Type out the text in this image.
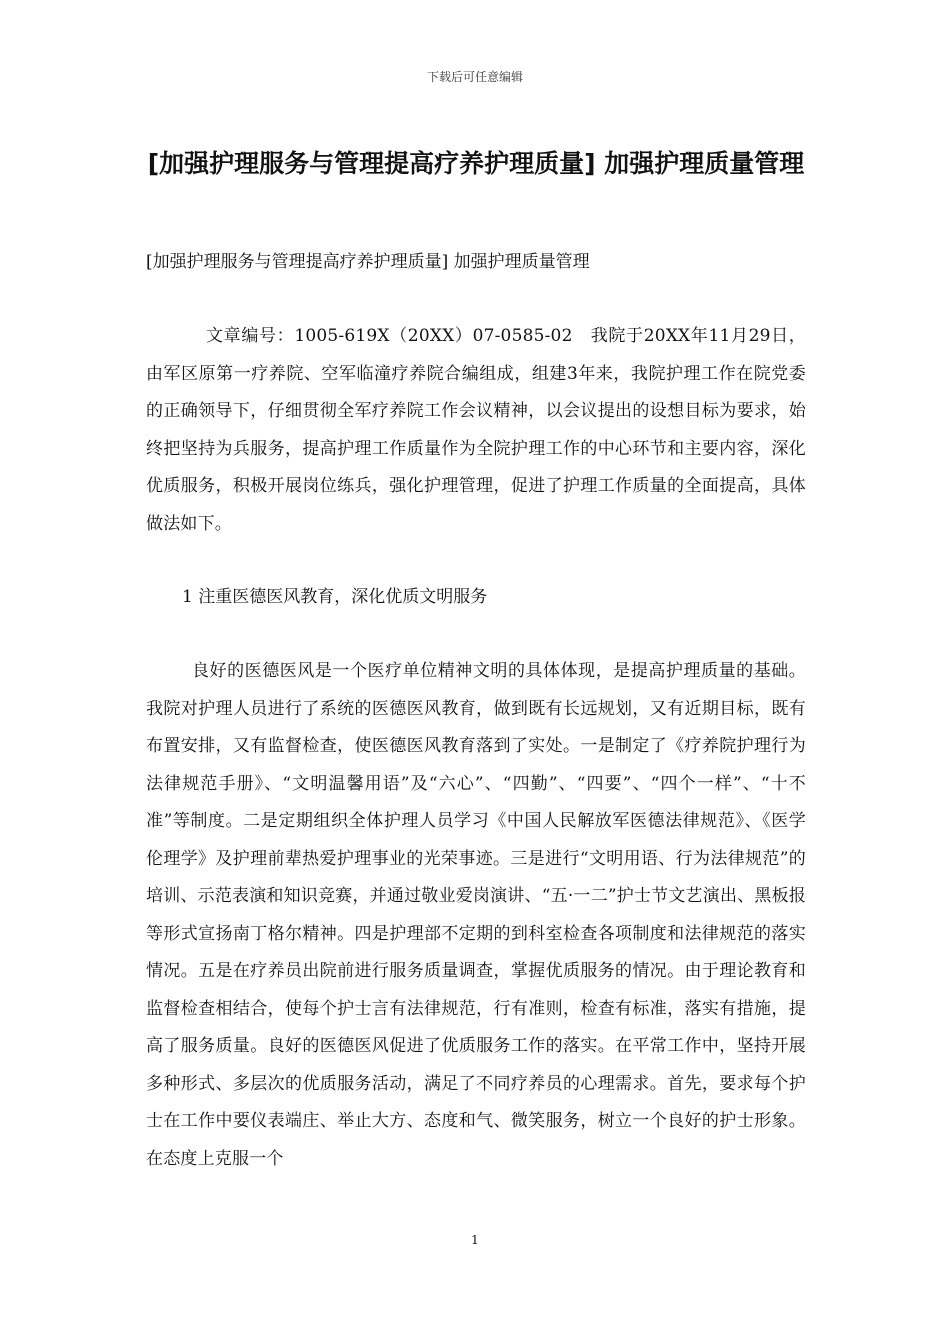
下载后可任意编辑
[加强护理服务与管理提高疗养护理质量] 加强护理质量管理
[加强护理服务与管理提高疗养护理质量] 加强护理质量管理
文章编号：1005-619X（20XX）07-0585-02　我院于20XX年11月29日，由军区原第一疗养院、空军临潼疗养院合编组成，组建3年来，我院护理工作在院党委的正确领导下，仔细贯彻全军疗养院工作会议精神，以会议提出的设想目标为要求，始终把坚持为兵服务，提高护理工作质量作为全院护理工作的中心环节和主要内容，深化优质服务，积极开展岗位练兵，强化护理管理，促进了护理工作质量的全面提高，具体做法如下。
1 注重医德医风教育，深化优质文明服务
良好的医德医风是一个医疗单位精神文明的具体体现，是提高护理质量的基础。我院对护理人员进行了系统的医德医风教育，做到既有长远规划，又有近期目标，既有布置安排，又有监督检查，使医德医风教育落到了实处。一是制定了《疗养院护理行为法律规范手册》、“文明温馨用语”及“六心”、“四勤”、“四要”、“四个一样”、“十不准”等制度。二是定期组织全体护理人员学习《中国人民解放军医德法律规范》、《医学伦理学》及护理前辈热爱护理事业的光荣事迹。三是进行“文明用语、行为法律规范”的培训、示范表演和知识竞赛，并通过敬业爱岗演讲、“五·一二”护士节文艺演出、黑板报等形式宣扬南丁格尔精神。四是护理部不定期的到科室检查各项制度和法律规范的落实情况。五是在疗养员出院前进行服务质量调查，掌握优质服务的情况。由于理论教育和监督检查相结合，使每个护士言有法律规范，行有准则，检查有标准，落实有措施，提高了服务质量。良好的医德医风促进了优质服务工作的落实。在平常工作中，坚持开展多种形式、多层次的优质服务活动，满足了不同疗养员的心理需求。首先，要求每个护士在工作中要仪表端庄、举止大方、态度和气、微笑服务，树立一个良好的护士形象。在态度上克服一个
1
